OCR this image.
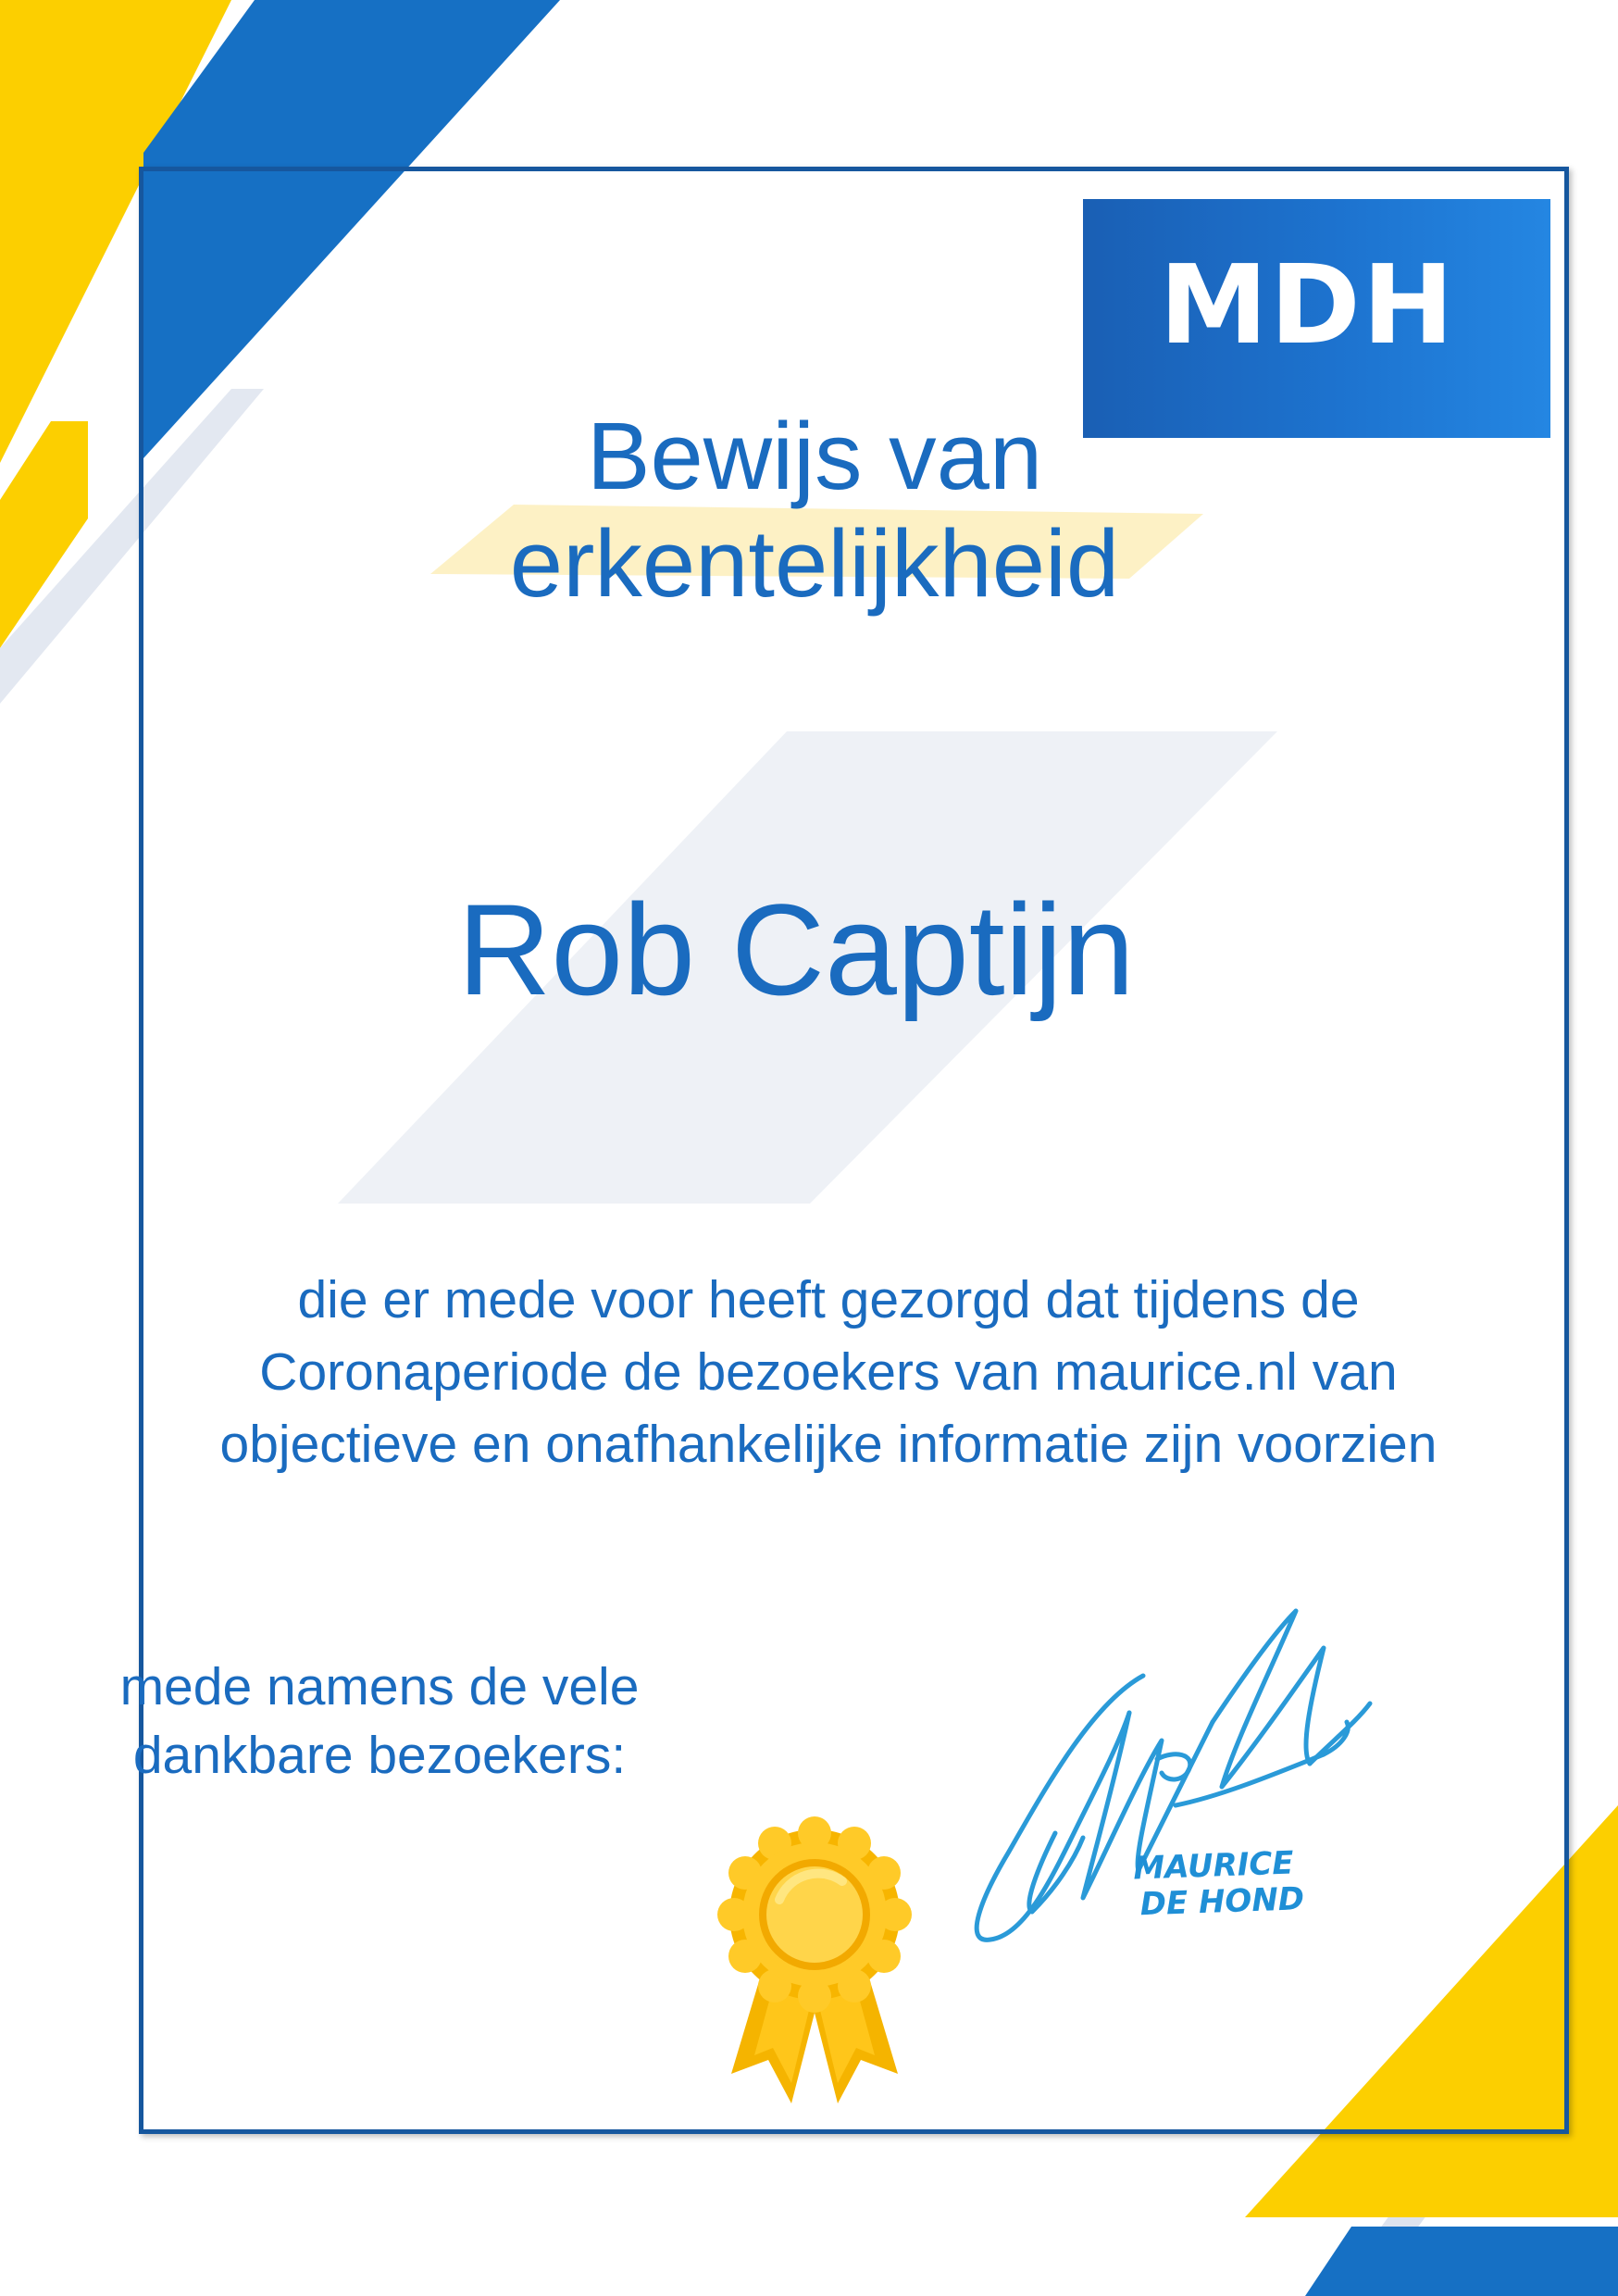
MDH
Bewijs van
erkentelijkheid
Rob Captijn
die er mede voor heeft gezorgd dat tijdens de
Coronaperiode de bezoekers van maurice.nl van
objectieve en onafhankelijke informatie zijn voorzien
mede namens de vele
dankbare bezoekers:
MAURICE
DE HOND
